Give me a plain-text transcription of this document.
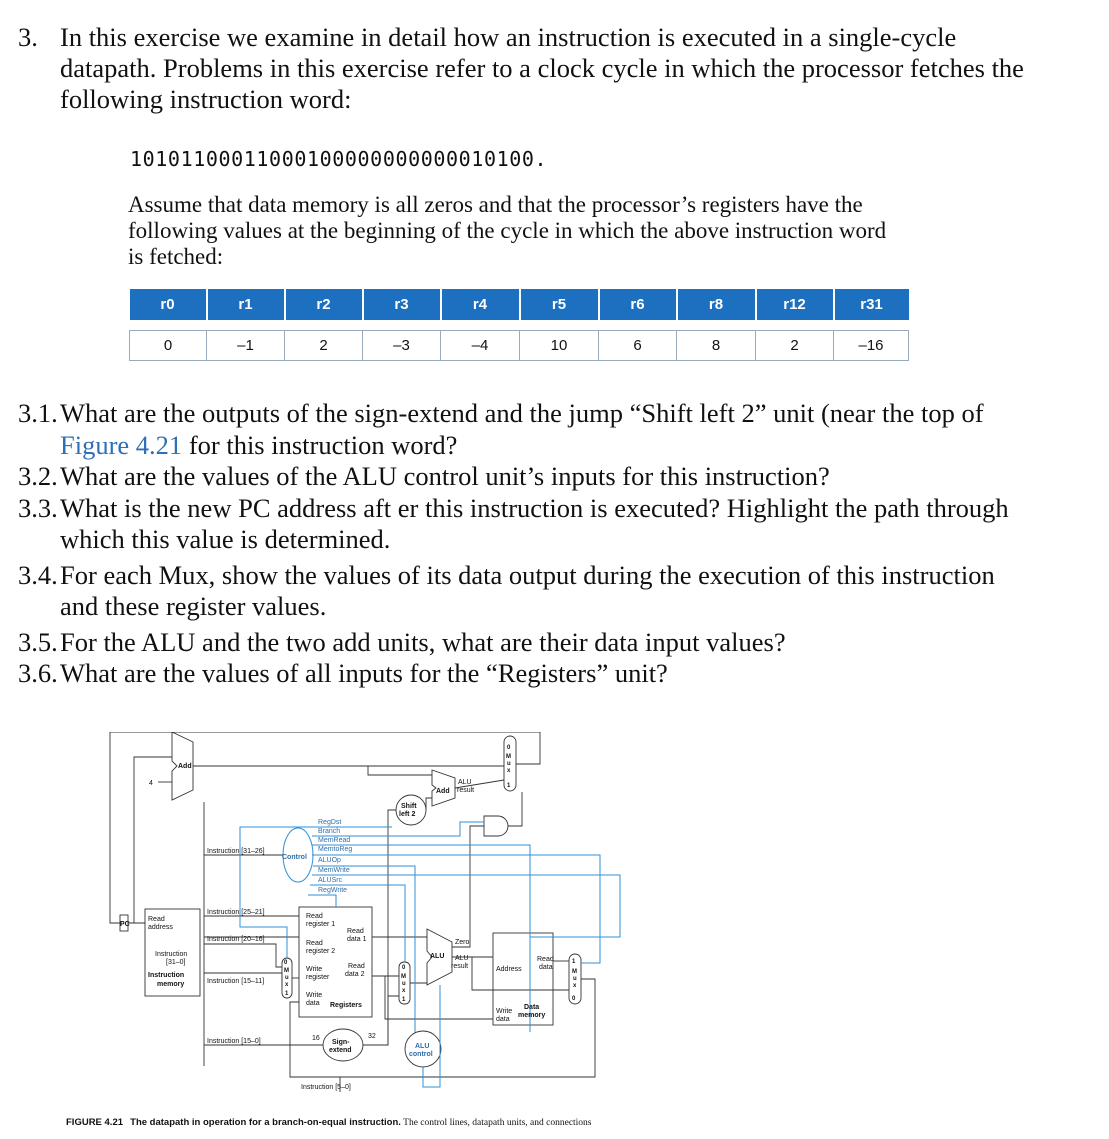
3. In this exercise we examine in detail how an instruction is executed in a single-cycle
datapath. Problems in this exercise refer to a clock cycle in which the processor fetches the
following instruction word:
10101100011000100000000000010100.
Assume that data memory is all zeros and that the processor’s registers have the
following values at the beginning of the cycle in which the above instruction word
is fetched:
r0	r1	r2	r3	r4	r5	r6	r8	r12	r31

0	–1	2	–3	–4	10	6	8	2	–16
3.1. What are the outputs of the sign-extend and the jump “Shift left 2” unit (near the top of
Figure 4.21 for this instruction word?
3.2. What are the values of the ALU control unit’s inputs for this instruction?
3.3. What is the new PC address aft er this instruction is executed? Highlight the path through
which this value is determined.
3.4. For each Mux, show the values of its data output during the execution of this instruction
and these register values.
3.5. For the ALU and the two add units, what are their data input values?
3.6. What are the values of all inputs for the “Registers” unit?
PC
Add
4
Read
address
Instruction
[31–0]
Instruction
memory
Instruction [31–26]
Instruction [25–21]
Instruction [20–16]
Instruction [15–11]
Instruction [15–0]
Instruction [5–0]
Control
RegDst
Branch
MemRead
MemtoReg
ALUOp
MemWrite
ALUSrc
RegWrite
Shift
left 2
Add
ALU
result
Read
register 1
Read
data 1
Read
register 2
Write
register
Read
data 2
Write
data Registers
16	32
Sign-
extend
ALU
control
Zero
ALU ALU
result	Address
Read
data
Write
data
Data
memory
0
M
u
x
1
0
M
u
x
1
0
M
u
x
1
1
M
u
x
0
FIGURE 4.21 The datapath in operation for a branch-on-equal instruction. The control lines, datapath units, and connections
